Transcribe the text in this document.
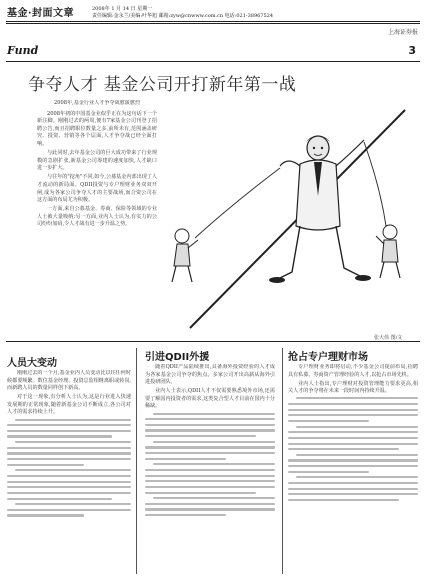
基金·封面文章	2008年 1 月 14 日 星期一
责任编辑:金永兰/美编:叶华旭 邮箱:zyw@cnwww.com.cn 电话:021-38967524
上海证券报
Fund	3
争夺人才 基金公司开打新年第一战

2008年,基金行业人才争夺战愈演愈烈

2008年初的中国基金业似乎正在为这句话下一个新注脚。刚刚过去的两周,便有7家基金公司刊登了招聘公告,而且招聘职位数量之多,前所未有,范围涵盖研究、投资、营销等各个层面,人才争夺战已经全面打响。

与此同时,去年基金公司的巨大成功带来了行业规模的急剧扩张,新基金公司筹建的速度加快,人才缺口进一步扩大。

与往年的"挖角"不同,如今,公募基金内部出现了人才流动的新局面。QDII投资与专户理财业务双双开闸,成为各家公司争夺人才的主要战场,而合资公司在这方面的布局尤为积极。

一方面,来自公募基金、券商、保险等领域的专业人士被大量吸纳;另一方面,业内人士认为,有实力的公司纷纷加码,令人才战有进一步升温之势。

张大伟 图/文
人员大变动

刚刚过去的一个月,基金业内人员变动比以往任何时候都要频繁。数位基金经理、投资总监相继离职或转岗,而新聘人员的数量同样创下新高。

对于这一现象,有分析人士认为,这是行业进入快速发展期的正常现象,随着新基金公司不断成立,各公司对人才的需求持续上升。

引进QDII外援

随着QDII产品陆续推出,具备海外投资经验的人才成为各家基金公司争夺的焦点。多家公司开出高薪从海外引进投研团队。

业内人士表示,QDII人才不仅需要熟悉境外市场,还需要了解国内投资者的需求,这类复合型人才目前在国内十分稀缺。

抢占专户理财市场

专户理财业务即将启动,不少基金公司提前布局,招聘具有私募、券商资产管理经验的人才,以抢占市场先机。

业内人士指出,专户理财对投资管理能力要求更高,相关人才的争夺将在未来一段时间内持续升温。
